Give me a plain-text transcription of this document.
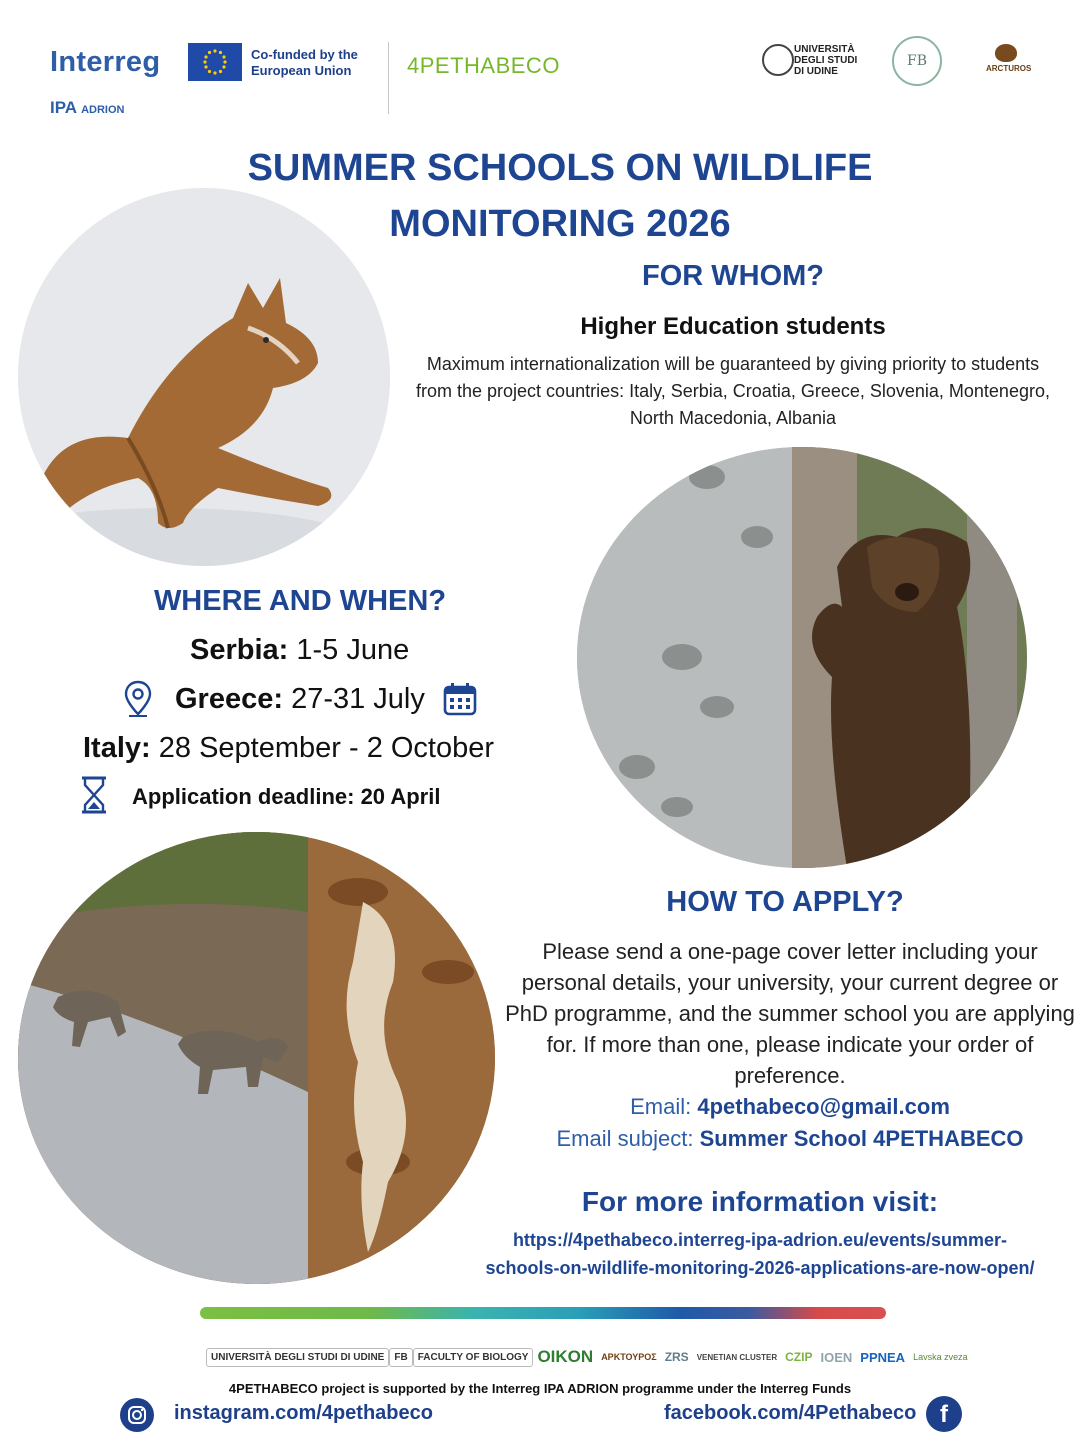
Interreg
IPA ADRION
Co-funded by the European Union	4PETHABECO
UNIVERSITÀ DEGLI STUDI DI UDINE
FB	ARCTUROS
SUMMER SCHOOLS ON WILDLIFE
MONITORING 2026
FOR WHOM?
Higher Education students
Maximum internationalization will be guaranteed by giving priority to students from the project countries: Italy, Serbia, Croatia, Greece, Slovenia, Montenegro, North Macedonia, Albania
WHERE AND WHEN?
Serbia: 1-5 June
Greece: 27-31 July
Italy: 28 September - 2 October
Application deadline: 20 April
HOW TO APPLY?
Please send a one-page cover letter including your personal details, your university, your current degree or PhD programme, and the summer school you are applying for. If more than one, please indicate your order of preference.
Email: 4pethabeco@gmail.com
Email subject: Summer School 4PETHABECO
For more information visit:
https://4pethabeco.interreg-ipa-adrion.eu/events/summer-
schools-on-wildlife-monitoring-2026-applications-are-now-open/
UNIVERSITÀ DEGLI STUDI DI UDINE	FB	FACULTY OF BIOLOGY OIKON ΑΡΚΤΟΥΡΟΣ ZRS	VENETIAN CLUSTER CZIP IOEN PPNEA Lavska zveza
4PETHABECO project is supported by the Interreg IPA ADRION programme under the Interreg Funds
instagram.com/4pethabeco	facebook.com/4Pethabeco f
